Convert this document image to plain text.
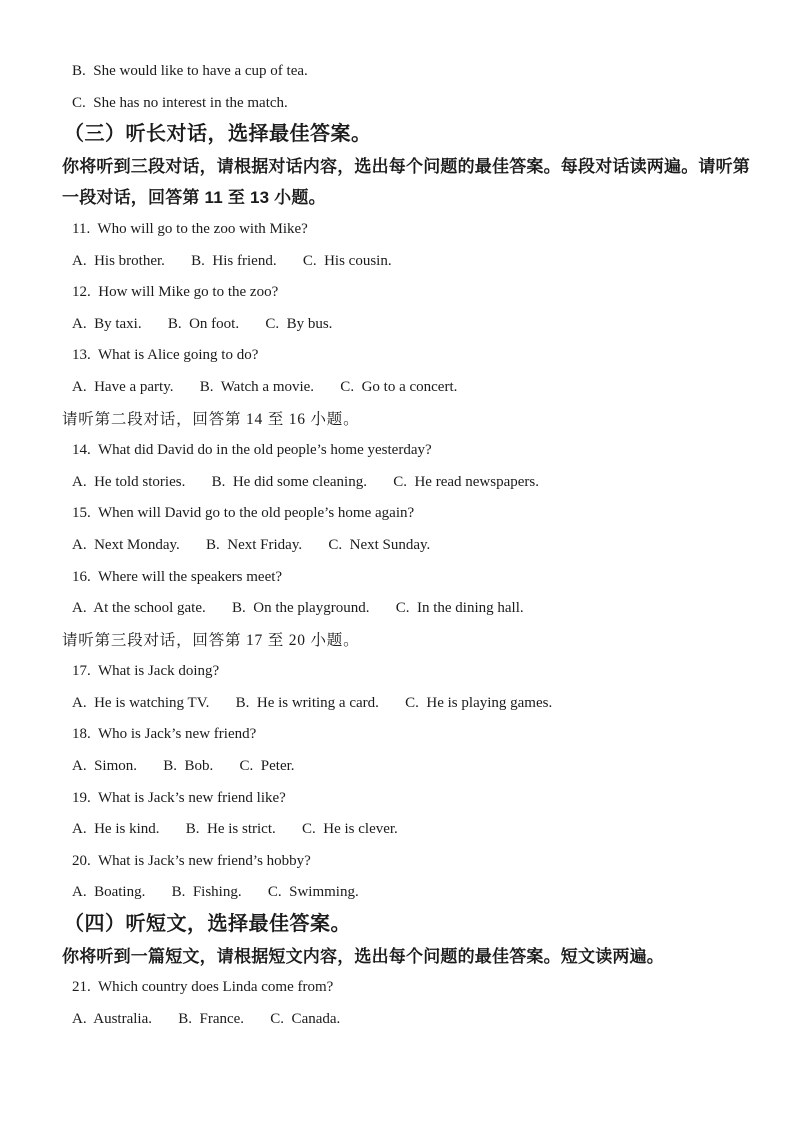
B.  She would like to have a cup of tea.
C.  She has no interest in the match.
（三）听长对话，选择最佳答案。
你将听到三段对话，请根据对话内容，选出每个问题的最佳答案。每段对话读两遍。请听第
一段对话，回答第 11 至 13 小题。
11.  Who will go to the zoo with Mike?
A.  His brother.       B.  His friend.       C.  His cousin.
12.  How will Mike go to the zoo?
A.  By taxi.       B.  On foot.       C.  By bus.
13.  What is Alice going to do?
A.  Have a party.       B.  Watch a movie.       C.  Go to a concert.
请听第二段对话，回答第 14 至 16 小题。
14.  What did David do in the old people’s home yesterday?
A.  He told stories.       B.  He did some cleaning.       C.  He read newspapers.
15.  When will David go to the old people’s home again?
A.  Next Monday.       B.  Next Friday.       C.  Next Sunday.
16.  Where will the speakers meet?
A.  At the school gate.       B.  On the playground.       C.  In the dining hall.
请听第三段对话，回答第 17 至 20 小题。
17.  What is Jack doing?
A.  He is watching TV.       B.  He is writing a card.       C.  He is playing games.
18.  Who is Jack’s new friend?
A.  Simon.       B.  Bob.       C.  Peter.
19.  What is Jack’s new friend like?
A.  He is kind.       B.  He is strict.       C.  He is clever.
20.  What is Jack’s new friend’s hobby?
A.  Boating.       B.  Fishing.       C.  Swimming.
（四）听短文，选择最佳答案。
你将听到一篇短文，请根据短文内容，选出每个问题的最佳答案。短文读两遍。
21.  Which country does Linda come from?
A.  Australia.       B.  France.       C.  Canada.
